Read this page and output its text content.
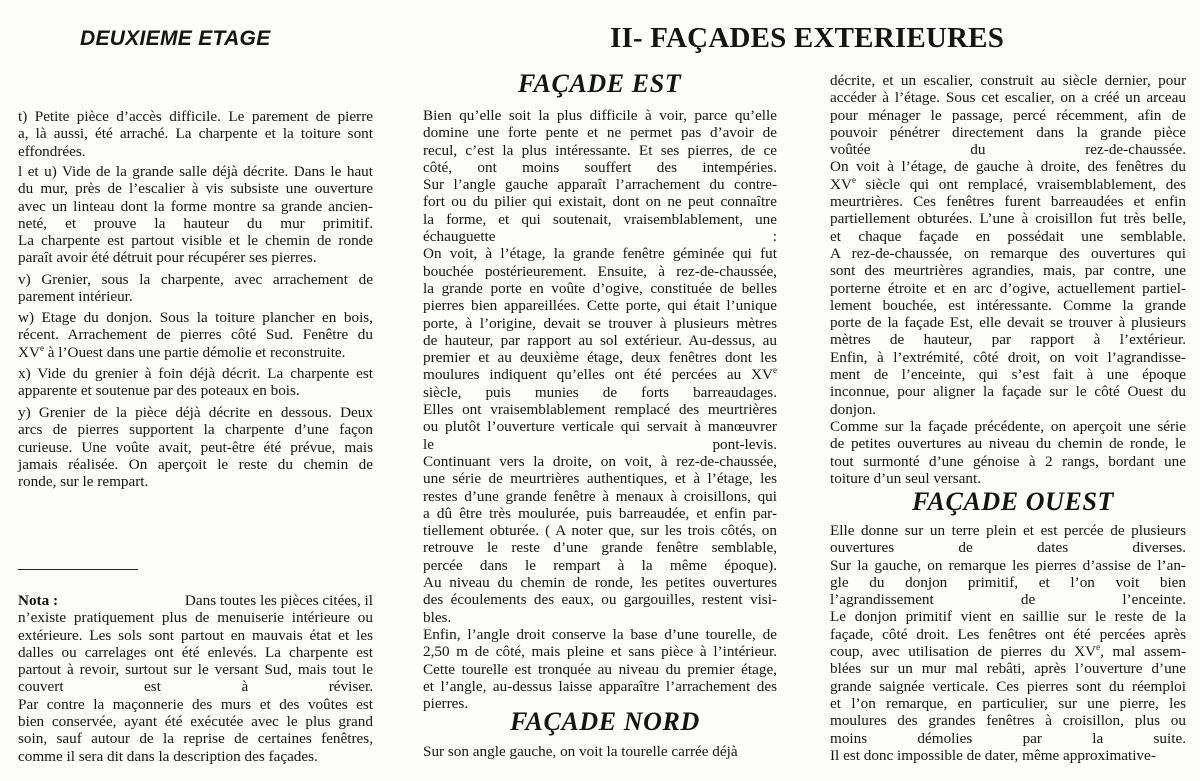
DEUXIEME ETAGE	II- FAÇADES EXTERIEURES
FAÇADE EST
FAÇADE NORD
FAÇADE OUEST
t) Petite pièce d’accès difficile. Le parement de pierre
a, là aussi, été arraché. La charpente et la toiture sont
effondrées.
l et u) Vide de la grande salle déjà décrite. Dans le haut
du mur, près de l’escalier à vis subsiste une ouverture
avec un linteau dont la forme montre sa grande ancien-
neté, et prouve la hauteur du mur primitif.
La charpente est partout visible et le chemin de ronde
paraît avoir été détruit pour récupérer ses pierres.
v) Grenier, sous la charpente, avec arrachement de
parement intérieur.
w) Etage du donjon. Sous la toiture plancher en bois,
récent. Arrachement de pierres côté Sud. Fenêtre du
XVe à l’Ouest dans une partie démolie et reconstruite.
x) Vide du grenier à foin déjà décrit. La charpente est
apparente et soutenue par des poteaux en bois.
y) Grenier de la pièce déjà décrite en dessous. Deux
arcs de pierres supportent la charpente d’une façon
curieuse. Une voûte avait, peut-être été prévue, mais
jamais réalisée. On aperçoit le reste du chemin de
ronde, sur le rempart.
Nota :	Dans toutes les pièces citées, il
n’existe pratiquement plus de menuiserie intérieure ou
extérieure. Les sols sont partout en mauvais état et les
dalles ou carrelages ont été enlevés. La charpente est
partout à revoir, surtout sur le versant Sud, mais tout le
couvert est à réviser.
Par contre la maçonnerie des murs et des voûtes est
bien conservée, ayant été exécutée avec le plus grand
soin, sauf autour de la reprise de certaines fenêtres,
comme il sera dit dans la description des façades.
Bien qu’elle soit la plus difficile à voir, parce qu’elle
domine une forte pente et ne permet pas d’avoir de
recul, c’est la plus intéressante. Et ses pierres, de ce
côté, ont moins souffert des intempéries.
Sur l’angle gauche apparaît l’arrachement du contre-
fort ou du pilier qui existait, dont on ne peut connaître
la forme, et qui soutenait, vraisemblablement, une
échauguette :
On voit, à l’étage, la grande fenêtre géminée qui fut
bouchée postérieurement. Ensuite, à rez-de-chaussée,
la grande porte en voûte d’ogive, constituée de belles
pierres bien appareillées. Cette porte, qui était l’unique
porte, à l’origine, devait se trouver à plusieurs mètres
de hauteur, par rapport au sol extérieur. Au-dessus, au
premier et au deuxième étage, deux fenêtres dont les
moulures indiquent qu’elles ont été percées au XVe
siècle, puis munies de forts barreaudages.
Elles ont vraisemblablement remplacé des meurtrières
ou plutôt l’ouverture verticale qui servait à manœuvrer
le pont-levis.
Continuant vers la droite, on voit, à rez-de-chaussée,
une série de meurtrières authentiques, et à l’étage, les
restes d’une grande fenêtre à menaux à croisillons, qui
a dû être très moulurée, puis barreaudée, et enfin par-
tiellement obturée. ( A noter que, sur les trois côtés, on
retrouve le reste d’une grande fenêtre semblable,
percée dans le rempart à la même époque).
Au niveau du chemin de ronde, les petites ouvertures
des écoulements des eaux, ou gargouilles, restent visi-
bles.
Enfin, l’angle droit conserve la base d’une tourelle, de
2,50 m de côté, mais pleine et sans pièce à l’intérieur.
Cette tourelle est tronquée au niveau du premier étage,
et l’angle, au-dessus laisse apparaître l’arrachement des
pierres.
Sur son angle gauche, on voit la tourelle carrée déjà
décrite, et un escalier, construit au siècle dernier, pour
accéder à l’étage. Sous cet escalier, on a créé un arceau
pour ménager le passage, percé récemment, afin de
pouvoir pénétrer directement dans la grande pièce
voûtée du rez-de-chaussée.
On voit à l’étage, de gauche à droite, des fenêtres du
XVe siècle qui ont remplacé, vraisemblablement, des
meurtrières. Ces fenêtres furent barreaudées et enfin
partiellement obturées. L’une à croisillon fut très belle,
et chaque façade en possédait une semblable.
A rez-de-chaussée, on remarque des ouvertures qui
sont des meurtrières agrandies, mais, par contre, une
porterne étroite et en arc d’ogive, actuellement partiel-
lement bouchée, est intéressante. Comme la grande
porte de la façade Est, elle devait se trouver à plusieurs
mètres de hauteur, par rapport à l’extérieur.
Enfin, à l’extrémité, côté droit, on voit l’agrandisse-
ment de l’enceinte, qui s’est fait à une époque
inconnue, pour aligner la façade sur le côté Ouest du
donjon.
Comme sur la façade précédente, on aperçoit une série
de petites ouvertures au niveau du chemin de ronde, le
tout surmonté d’une génoise à 2 rangs, bordant une
toiture d’un seul versant.
Elle donne sur un terre plein et est percée de plusieurs
ouvertures de dates diverses.
Sur la gauche, on remarque les pierres d’assise de l’an-
gle du donjon primitif, et l’on voit bien
l’agrandissement de l’enceinte.
Le donjon primitif vient en saillie sur le reste de la
façade, côté droit. Les fenêtres ont été percées après
coup, avec utilisation de pierres du XVe, mal assem-
blées sur un mur mal rebâti, après l’ouverture d’une
grande saignée verticale. Ces pierres sont du réemploi
et l’on remarque, en particulier, sur une pierre, les
moulures des grandes fenêtres à croisillon, plus ou
moins démolies par la suite.
Il est donc impossible de dater, même approximative-
